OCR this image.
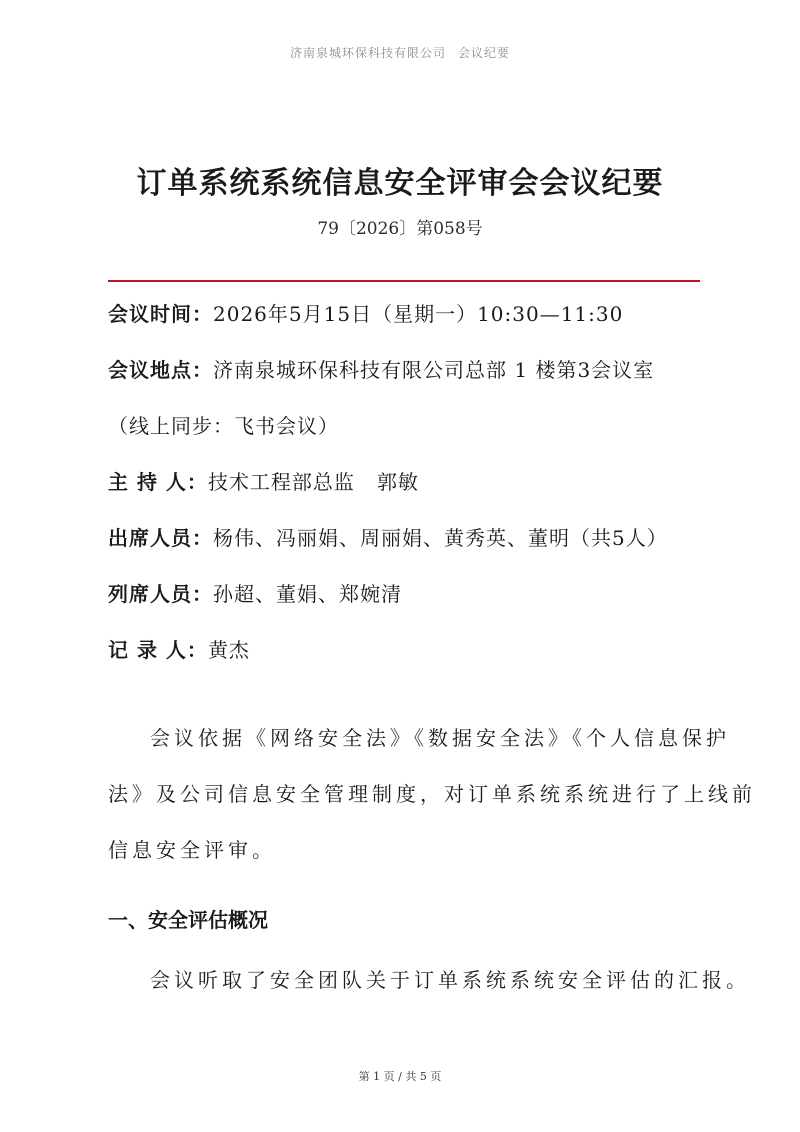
济南泉城环保科技有限公司 会议纪要
订单系统系统信息安全评审会会议纪要
79〔2026〕第058号
会议时间：2026年5月15日（星期一）10:30—11:30
会议地点：济南泉城环保科技有限公司总部 1 楼第3会议室
（线上同步：飞书会议）
主 持 人：技术工程部总监   郭敏
出席人员：杨伟、冯丽娟、周丽娟、黄秀英、董明（共5人）
列席人员：孙超、董娟、郑婉清
记 录 人：黄杰
会议依据《网络安全法》《数据安全法》《个人信息保护
法》及公司信息安全管理制度，对订单系统系统进行了上线前
信息安全评审。
一、安全评估概况
会议听取了安全团队关于订单系统系统安全评估的汇报。
第 1 页 / 共 5 页
